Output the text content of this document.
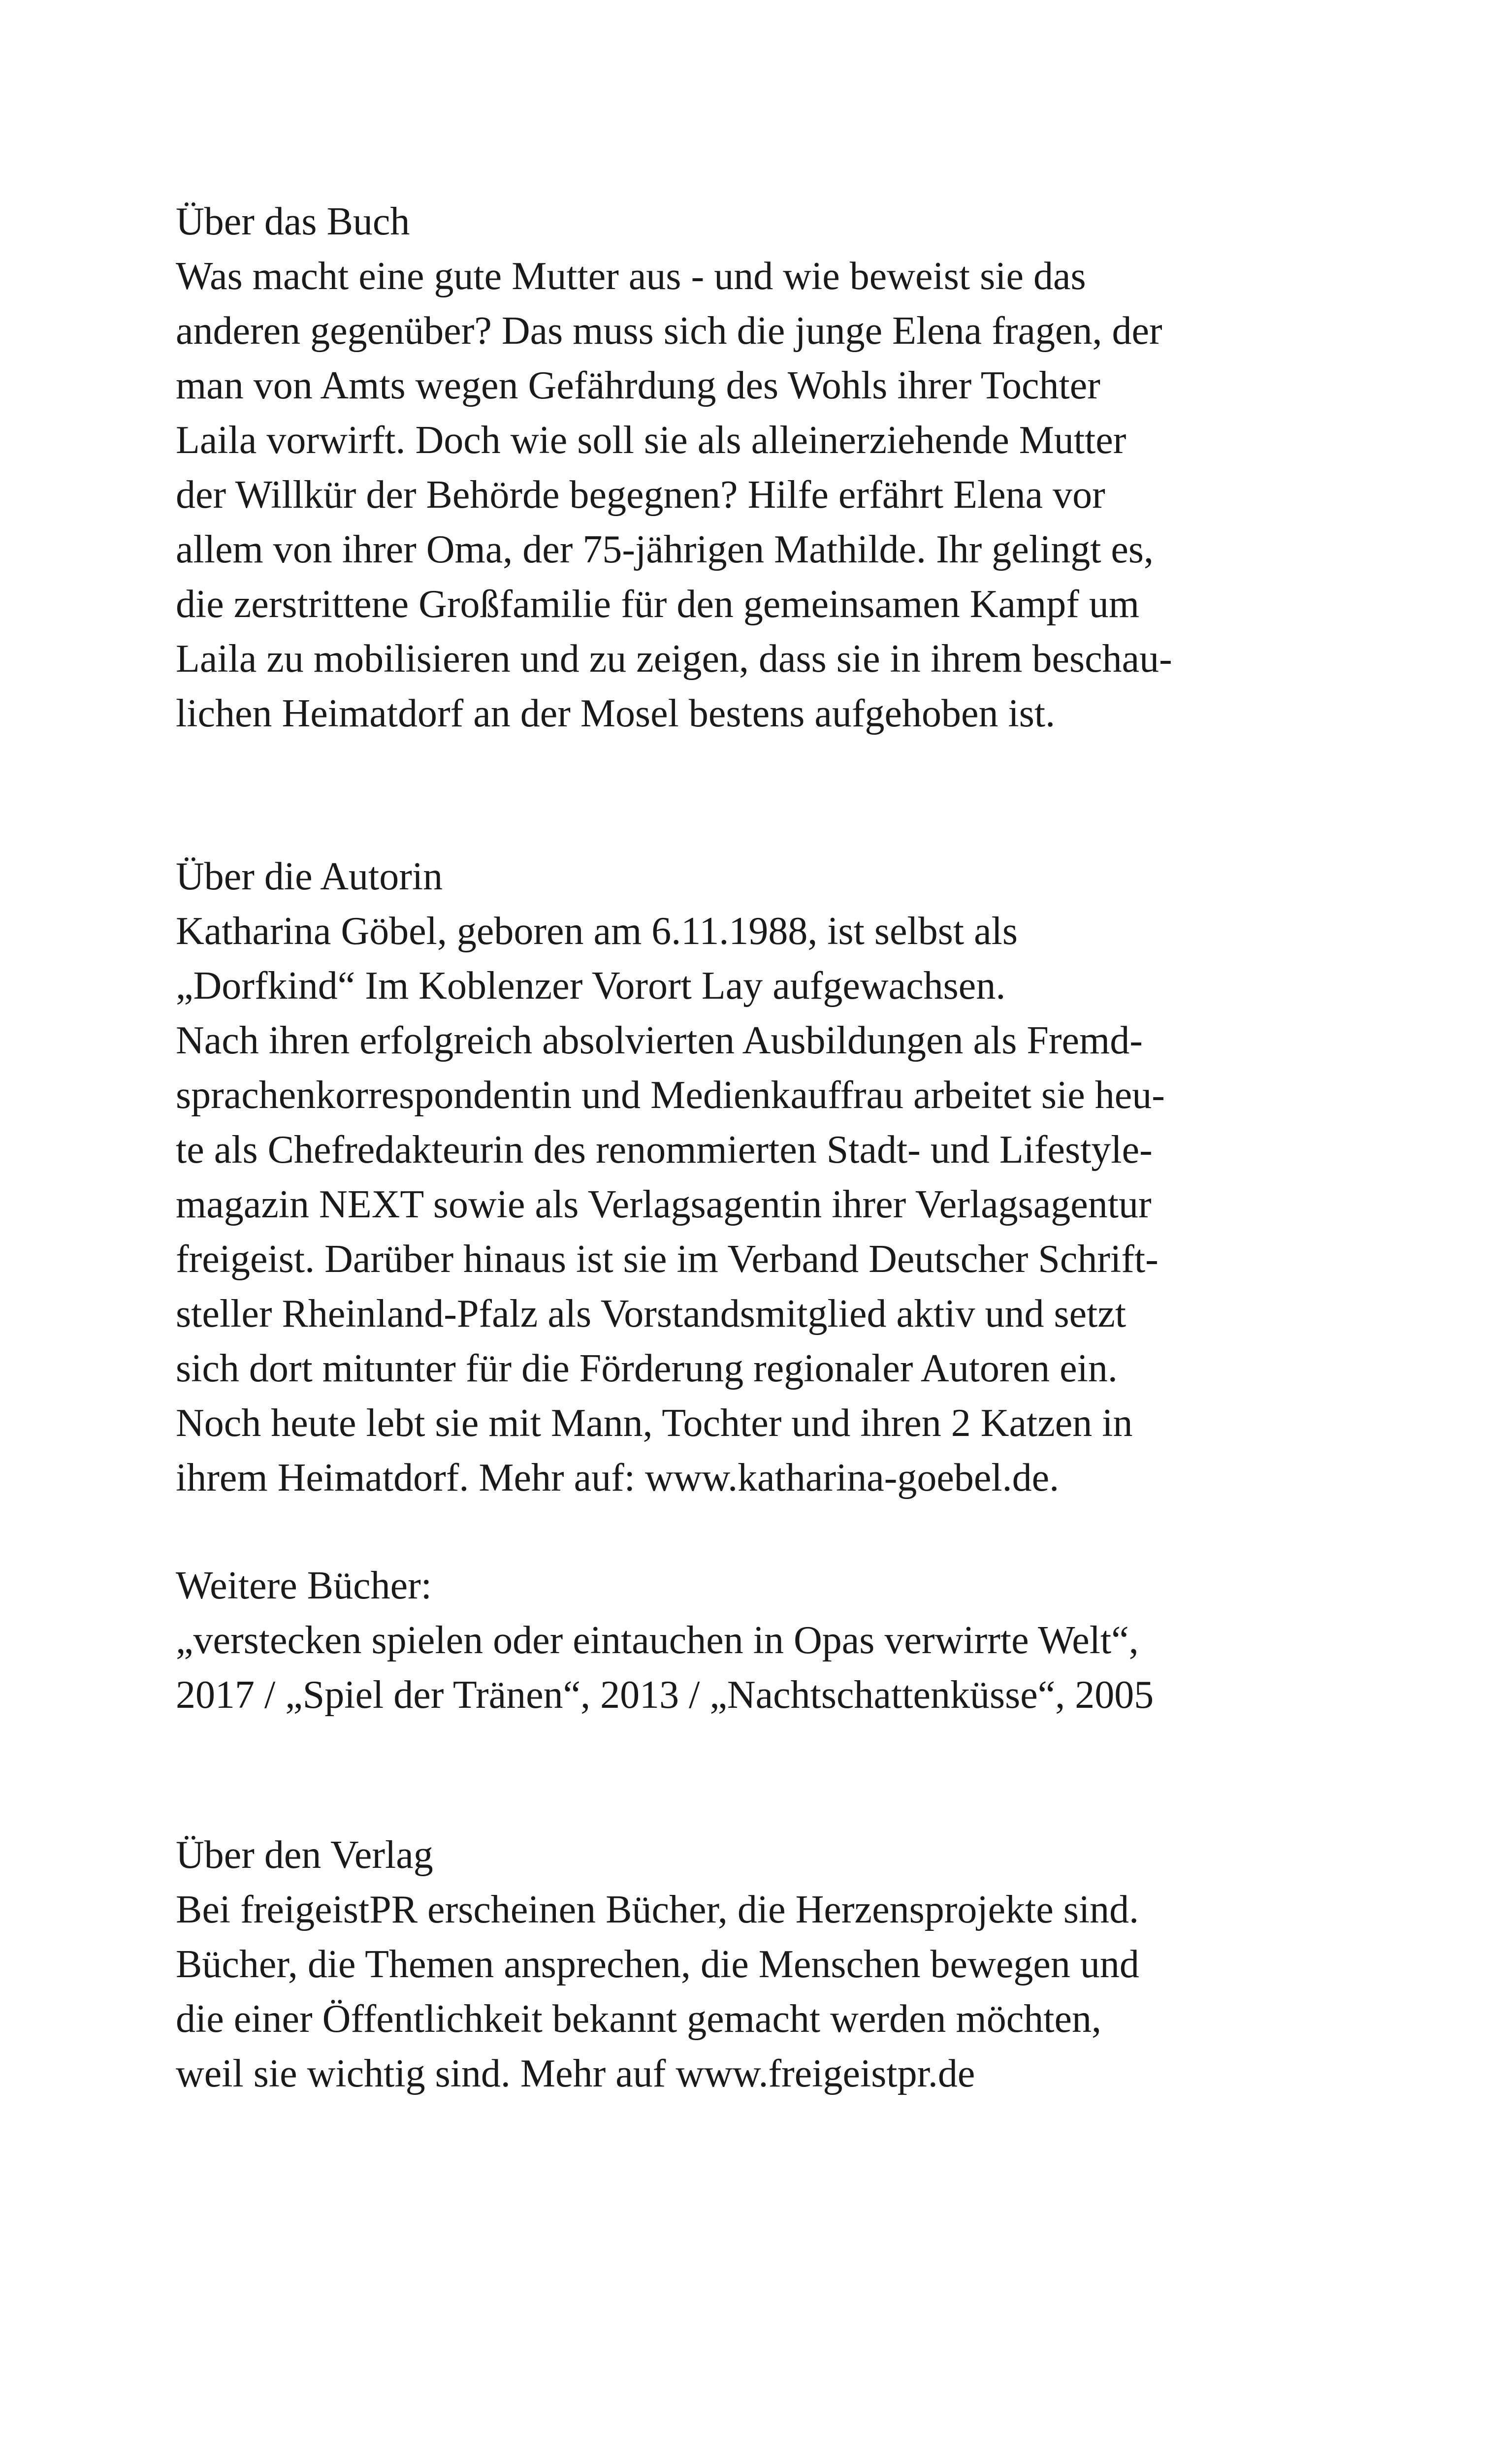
Über das Buch
Was macht eine gute Mutter aus - und wie beweist sie das
anderen gegenüber? Das muss sich die junge Elena fragen, der
man von Amts wegen Gefährdung des Wohls ihrer Tochter
Laila vorwirft. Doch wie soll sie als alleinerziehende Mutter
der Willkür der Behörde begegnen? Hilfe erfährt Elena vor
allem von ihrer Oma, der 75-jährigen Mathilde. Ihr gelingt es,
die zerstrittene Großfamilie für den gemeinsamen Kampf um
Laila zu mobilisieren und zu zeigen, dass sie in ihrem beschau-
lichen Heimatdorf an der Mosel bestens aufgehoben ist.
Über die Autorin
Katharina Göbel, geboren am 6.11.1988, ist selbst als
„Dorfkind“ Im Koblenzer Vorort Lay aufgewachsen.
Nach ihren erfolgreich absolvierten Ausbildungen als Fremd-
sprachenkorrespondentin und Medienkauffrau arbeitet sie heu-
te als Chefredakteurin des renommierten Stadt- und Lifestyle-
magazin NEXT sowie als Verlagsagentin ihrer Verlagsagentur
freigeist. Darüber hinaus ist sie im Verband Deutscher Schrift-
steller Rheinland-Pfalz als Vorstandsmitglied aktiv und setzt
sich dort mitunter für die Förderung regionaler Autoren ein.
Noch heute lebt sie mit Mann, Tochter und ihren 2 Katzen in
ihrem Heimatdorf. Mehr auf: www.katharina-goebel.de.
Weitere Bücher:
„verstecken spielen oder eintauchen in Opas verwirrte Welt“,
2017 / „Spiel der Tränen“, 2013 / „Nachtschattenküsse“, 2005
Über den Verlag
Bei freigeistPR erscheinen Bücher, die Herzensprojekte sind.
Bücher, die Themen ansprechen, die Menschen bewegen und
die einer Öffentlichkeit bekannt gemacht werden möchten,
weil sie wichtig sind. Mehr auf www.freigeistpr.de
